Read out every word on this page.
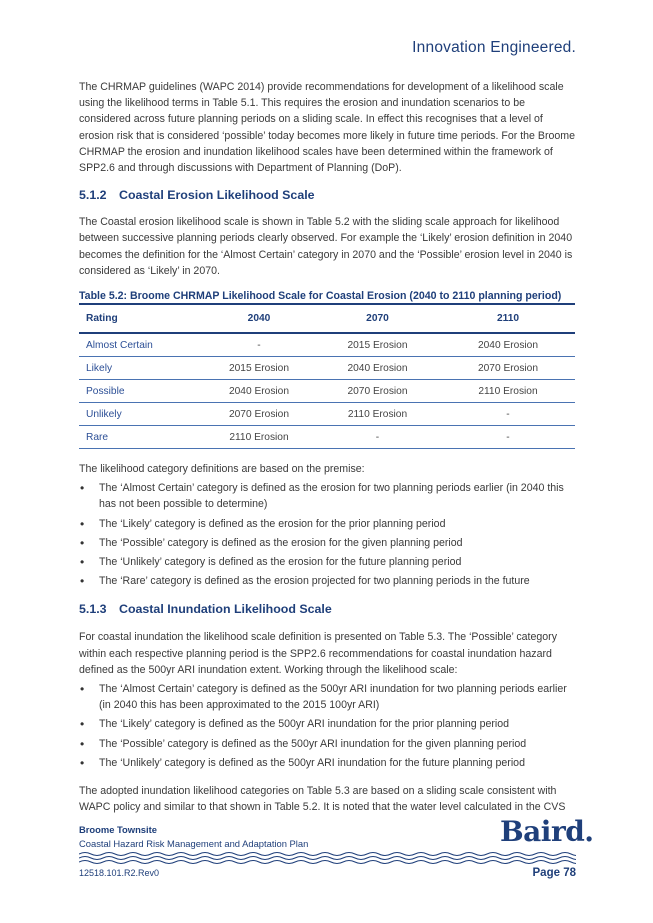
Innovation Engineered.

The CHRMAP guidelines (WAPC 2014) provide recommendations for development of a likelihood scale using the likelihood terms in Table 5.1. This requires the erosion and inundation scenarios to be considered across future planning periods on a sliding scale. In effect this recognises that a level of erosion risk that is considered ‘possible’ today becomes more likely in future time periods. For the Broome CHRMAP the erosion and inundation likelihood scales have been determined within the framework of SPP2.6 and through discussions with Department of Planning (DoP).

5.1.2 Coastal Erosion Likelihood Scale

The Coastal erosion likelihood scale is shown in Table 5.2 with the sliding scale approach for likelihood between successive planning periods clearly observed. For example the ‘Likely’ erosion definition in 2040 becomes the definition for the ‘Almost Certain’ category in 2070 and the ‘Possible’ erosion level in 2040 is considered as ‘Likely’ in 2070.

Table 5.2: Broome CHRMAP Likelihood Scale for Coastal Erosion (2040 to 2110 planning period)
Rating	2040	2070	2110
Almost Certain	-	2015 Erosion	2040 Erosion
Likely	2015 Erosion	2040 Erosion	2070 Erosion
Possible	2040 Erosion	2070 Erosion	2110 Erosion
Unlikely	2070 Erosion	2110 Erosion	-
Rare	2110 Erosion	-	-

The likelihood category definitions are based on the premise:

• The ‘Almost Certain’ category is defined as the erosion for two planning periods earlier (in 2040 this has not been possible to determine)
• The ‘Likely’ category is defined as the erosion for the prior planning period
• The ‘Possible’ category is defined as the erosion for the given planning period
• The ‘Unlikely’ category is defined as the erosion for the future planning period
• The ‘Rare’ category is defined as the erosion projected for two planning periods in the future
5.1.3 Coastal Inundation Likelihood Scale

For coastal inundation the likelihood scale definition is presented on Table 5.3. The ‘Possible’ category within each respective planning period is the SPP2.6 recommendations for coastal inundation hazard defined as the 500yr ARI inundation extent. Working through the likelihood scale:

• The ‘Almost Certain’ category is defined as the 500yr ARI inundation for two planning periods earlier (in 2040 this has been approximated to the 2015 100yr ARI)
• The ‘Likely’ category is defined as the 500yr ARI inundation for the prior planning period
• The ‘Possible’ category is defined as the 500yr ARI inundation for the given planning period
• The ‘Unlikely’ category is defined as the 500yr ARI inundation for the future planning period

The adopted inundation likelihood categories on Table 5.3 are based on a sliding scale consistent with WAPC policy and similar to that shown in Table 5.2. It is noted that the water level calculated in the CVS

Broome Townsite
Coastal Hazard Risk Management and Adaptation Plan	Baird.
12518.101.R2.Rev0	Page 78
